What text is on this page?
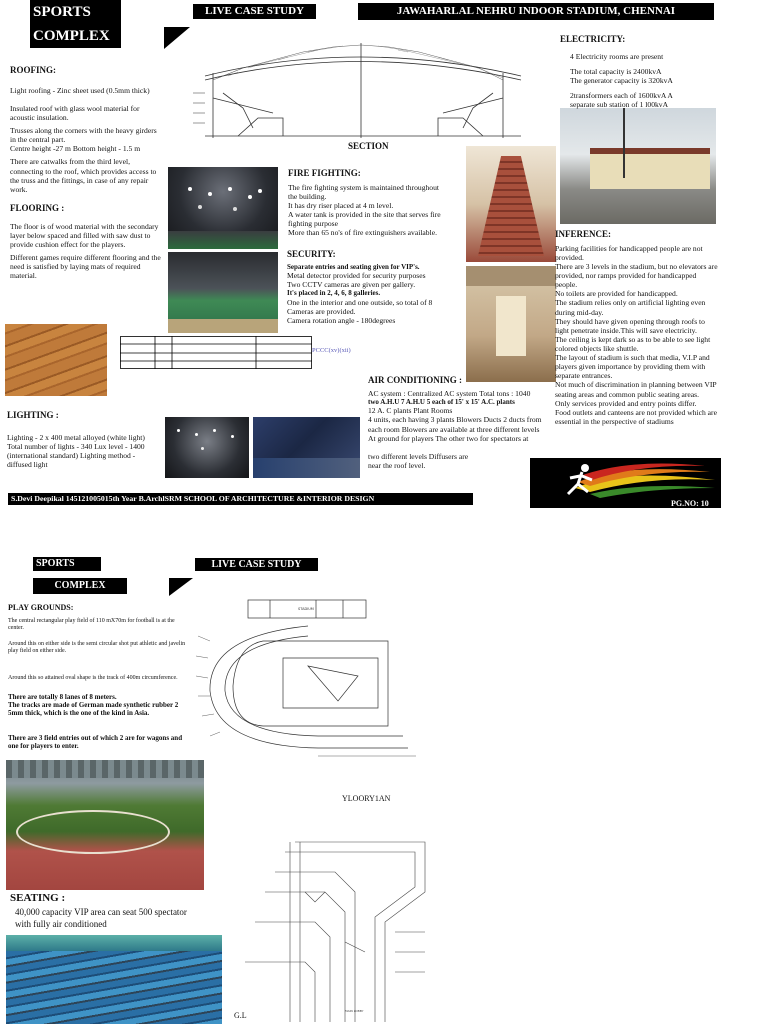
SPORTS
COMPLEX
LIVE CASE STUDY	JAWAHARLAL NEHRU INDOOR STADIUM, CHENNAI
SECTION
ROOFING:

Light roofing - Zinc sheet used (0.5mm thick)

Insulated roof with glass wool material for acoustic insulation.

Trusses along the corners with the heavy girders in the central part.
Centre height -27 m Bottom height - 1.5 m

There are catwalks from the third level, connecting to the roof, which provides access to the truss and the fittings, in case of any repair work.

FLOORING :

The floor is of wood material with the secondary layer below spaced and filled with saw dust to provide cushion effect for the players.

Different games require different flooring and the need is satisfied by laying mats of required material.

PCCC(xv)(xii)
LIGHTING :
Lighting - 2 x 400 metal alloyed (white light) Total number of lights - 340 Lux level - 1400 (international standard) Lighting method - diffused light
FIRE FIGHTING:
The fire fighting system is maintained throughout the building.
It has dry riser placed at 4 m level.
A water tank is provided in the site that serves fire fighting purpose
More than 65 no's of fire extinguishers available.
SECURITY:
Separate entries and seating given for VIP's.
Metal detector provided for security purposes
Two CCTV cameras are given per gallery.
It's placed in 2, 4, 6, 8 galleries.
One in the interior and one outside, so total of 8 Cameras are provided.
Camera rotation angle - 180degrees
AIR CONDITIONING :
AC system : Centralized AC system Total tons : 1040
two A.H.U 7 A.H.U 5 each of 15' x 15' A.C. plants
12 A. C plants Plant Rooms
4 units, each having 3 plants Blowers Ducts 2 ducts from each room Blowers are available at three different levels
At ground for players The other two for spectators at
two different levels Diffusers are
near the roof level.
ELECTRICITY:
4 Electricity rooms are present
The total capacity is 2400kvA
The generator capacity is 320kvA
2transformers each of 1600kvA A
separate sub station of 1 l00kvA
INFERENCE:
Parking facilities for handicapped people are not provided.
There are 3 levels in the stadium, but no elevators are provided, nor ramps provided for handicapped people.
No toilets are provided for handicapped.
The stadium relies only on artificial lighting even during mid-day.
They should have given opening through roofs to light penetrate inside.This will save electricity.
The ceiling is kept dark so as to be able to see light colored objects like shuttle.
The layout of stadium is such that media, V.I.P and players given importance by providing them with separate entrances.
Not much of discrimination in planning between VIP seating areas and common public seating areas.
Only services provided and entry points differ.
Food outlets and canteens are not provided which are essential in the perspective of stadiums
PG.NO: 10
S.Devi Deepikal 145121005015th Year B.ArchlSRM SCHOOL OF ARCHITECTURE &INTERIOR DESIGN
SPORTS
COMPLEX
LIVE CASE STUDY
PLAY GROUNDS:

The central rectangular play field of 110 mX70m for football is at the center.

Around this on either side is the semi circular shot put athletic and javelin play field on either side.

Around this so attained oval shape is the track of 400m circumference.

There are totally 8 lanes of 8 meters.
The tracks are made of German made synthetic rubber 2 5mm thick, which is the one of the kind in Asia.

There are 3 field entries out of which 2 are for wagons and one for players to enter.

SEATING :
40,000 capacity VIP area can seat 500 spectator with fully air conditioned
STADIUM
YLOORY1AN
MAIN LOBBY
G.L
